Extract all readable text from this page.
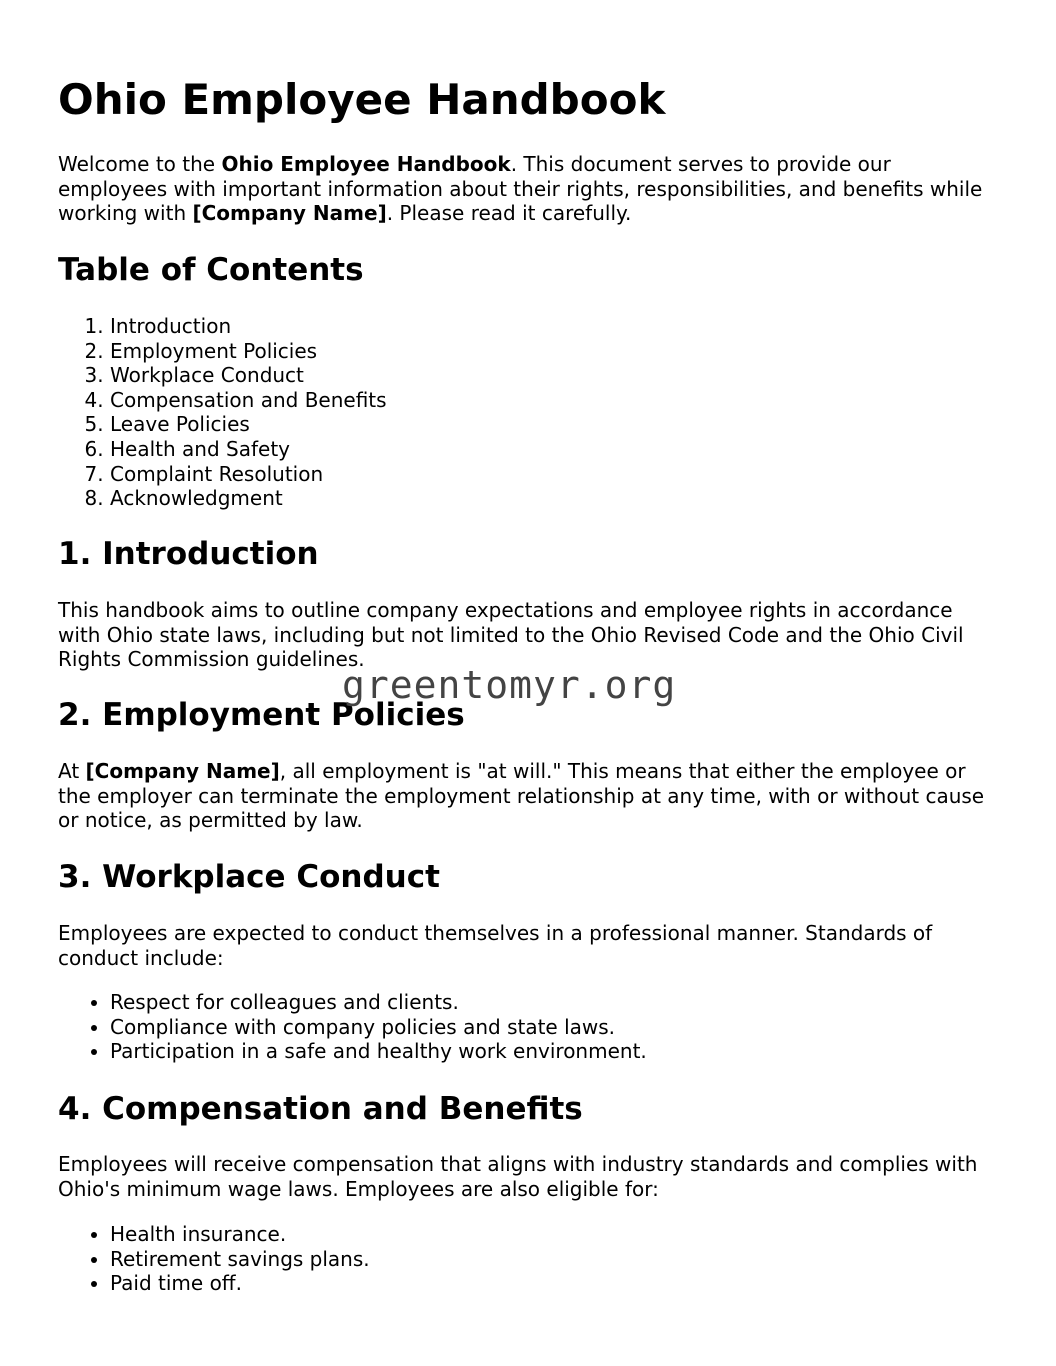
Ohio Employee Handbook

Welcome to the Ohio Employee Handbook. This document serves to provide our employees with important information about their rights, responsibilities, and benefits while working with [Company Name]. Please read it carefully.

Table of Contents
1. Introduction
2. Employment Policies
3. Workplace Conduct
4. Compensation and Benefits
5. Leave Policies
6. Health and Safety
7. Complaint Resolution
8. Acknowledgment
1. Introduction

This handbook aims to outline company expectations and employee rights in accordance with Ohio state laws, including but not limited to the Ohio Revised Code and the Ohio Civil Rights Commission guidelines.

2. Employment Policies

At [Company Name], all employment is "at will." This means that either the employee or the employer can terminate the employment relationship at any time, with or without cause or notice, as permitted by law.

3. Workplace Conduct

Employees are expected to conduct themselves in a professional manner. Standards of conduct include:

• Respect for colleagues and clients.
• Compliance with company policies and state laws.
• Participation in a safe and healthy work environment.
4. Compensation and Benefits

Employees will receive compensation that aligns with industry standards and complies with Ohio's minimum wage laws. Employees are also eligible for:

• Health insurance.
• Retirement savings plans.
• Paid time off.
greentomyr.org
